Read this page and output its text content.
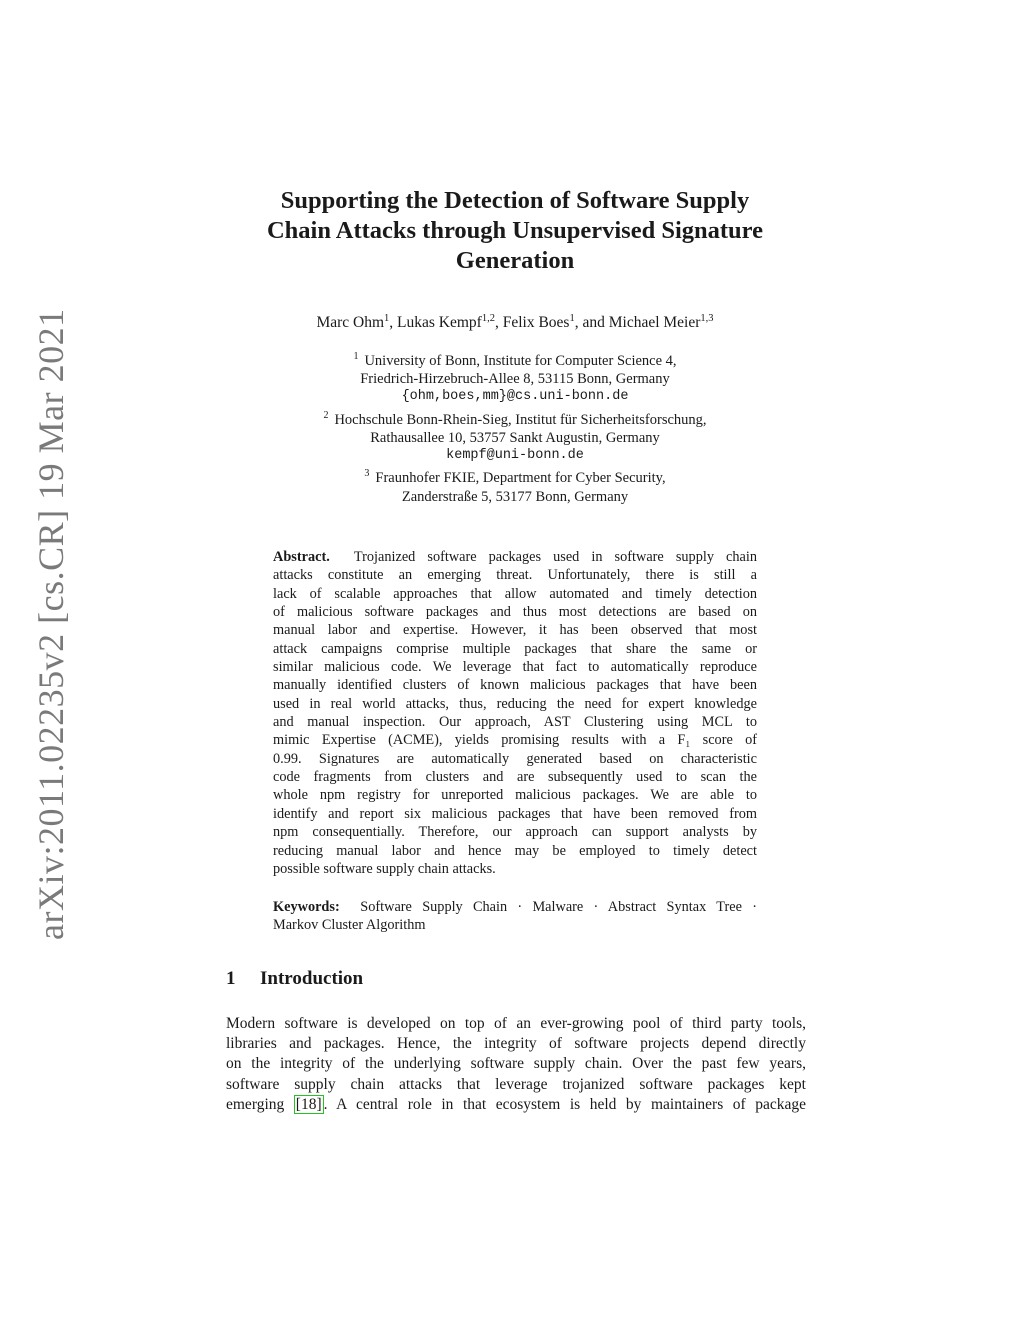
arXiv:2011.02235v2 [cs.CR] 19 Mar 2021
Supporting the Detection of Software Supply
Chain Attacks through Unsupervised Signature
Generation
Marc Ohm$^1$, Lukas Kempf$^{1,2}$, Felix Boes$^1$, and Michael Meier$^{1,3}$
$^1$ University of Bonn, Institute for Computer Science 4,
Friedrich-Hirzebruch-Allee 8, 53115 Bonn, Germany
{ohm,boes,mm}@cs.uni-bonn.de
$^2$ Hochschule Bonn-Rhein-Sieg, Institut für Sicherheitsforschung,
Rathausallee 10, 53757 Sankt Augustin, Germany
kempf@uni-bonn.de
$^3$ Fraunhofer FKIE, Department for Cyber Security,
Zanderstraße 5, 53177 Bonn, Germany
Abstract. Trojanized software packages used in software supply chain
attacks constitute an emerging threat. Unfortunately, there is still a
lack of scalable approaches that allow automated and timely detection
of malicious software packages and thus most detections are based on
manual labor and expertise. However, it has been observed that most
attack campaigns comprise multiple packages that share the same or
similar malicious code. We leverage that fact to automatically reproduce
manually identified clusters of known malicious packages that have been
used in real world attacks, thus, reducing the need for expert knowledge
and manual inspection. Our approach, AST Clustering using MCL to
mimic Expertise (ACME), yields promising results with a F₁ score of
0.99. Signatures are automatically generated based on characteristic
code fragments from clusters and are subsequently used to scan the
whole npm registry for unreported malicious packages. We are able to
identify and report six malicious packages that have been removed from
npm consequentially. Therefore, our approach can support analysts by
reducing manual labor and hence may be employed to timely detect
possible software supply chain attacks.
Keywords: Software Supply Chain · Malware · Abstract Syntax Tree ·
Markov Cluster Algorithm
1 Introduction
Modern software is developed on top of an ever-growing pool of third party tools,
libraries and packages. Hence, the integrity of software projects depend directly
on the integrity of the underlying software supply chain. Over the past few years,
software supply chain attacks that leverage trojanized software packages kept
emerging [18] . A central role in that ecosystem is held by maintainers of package
